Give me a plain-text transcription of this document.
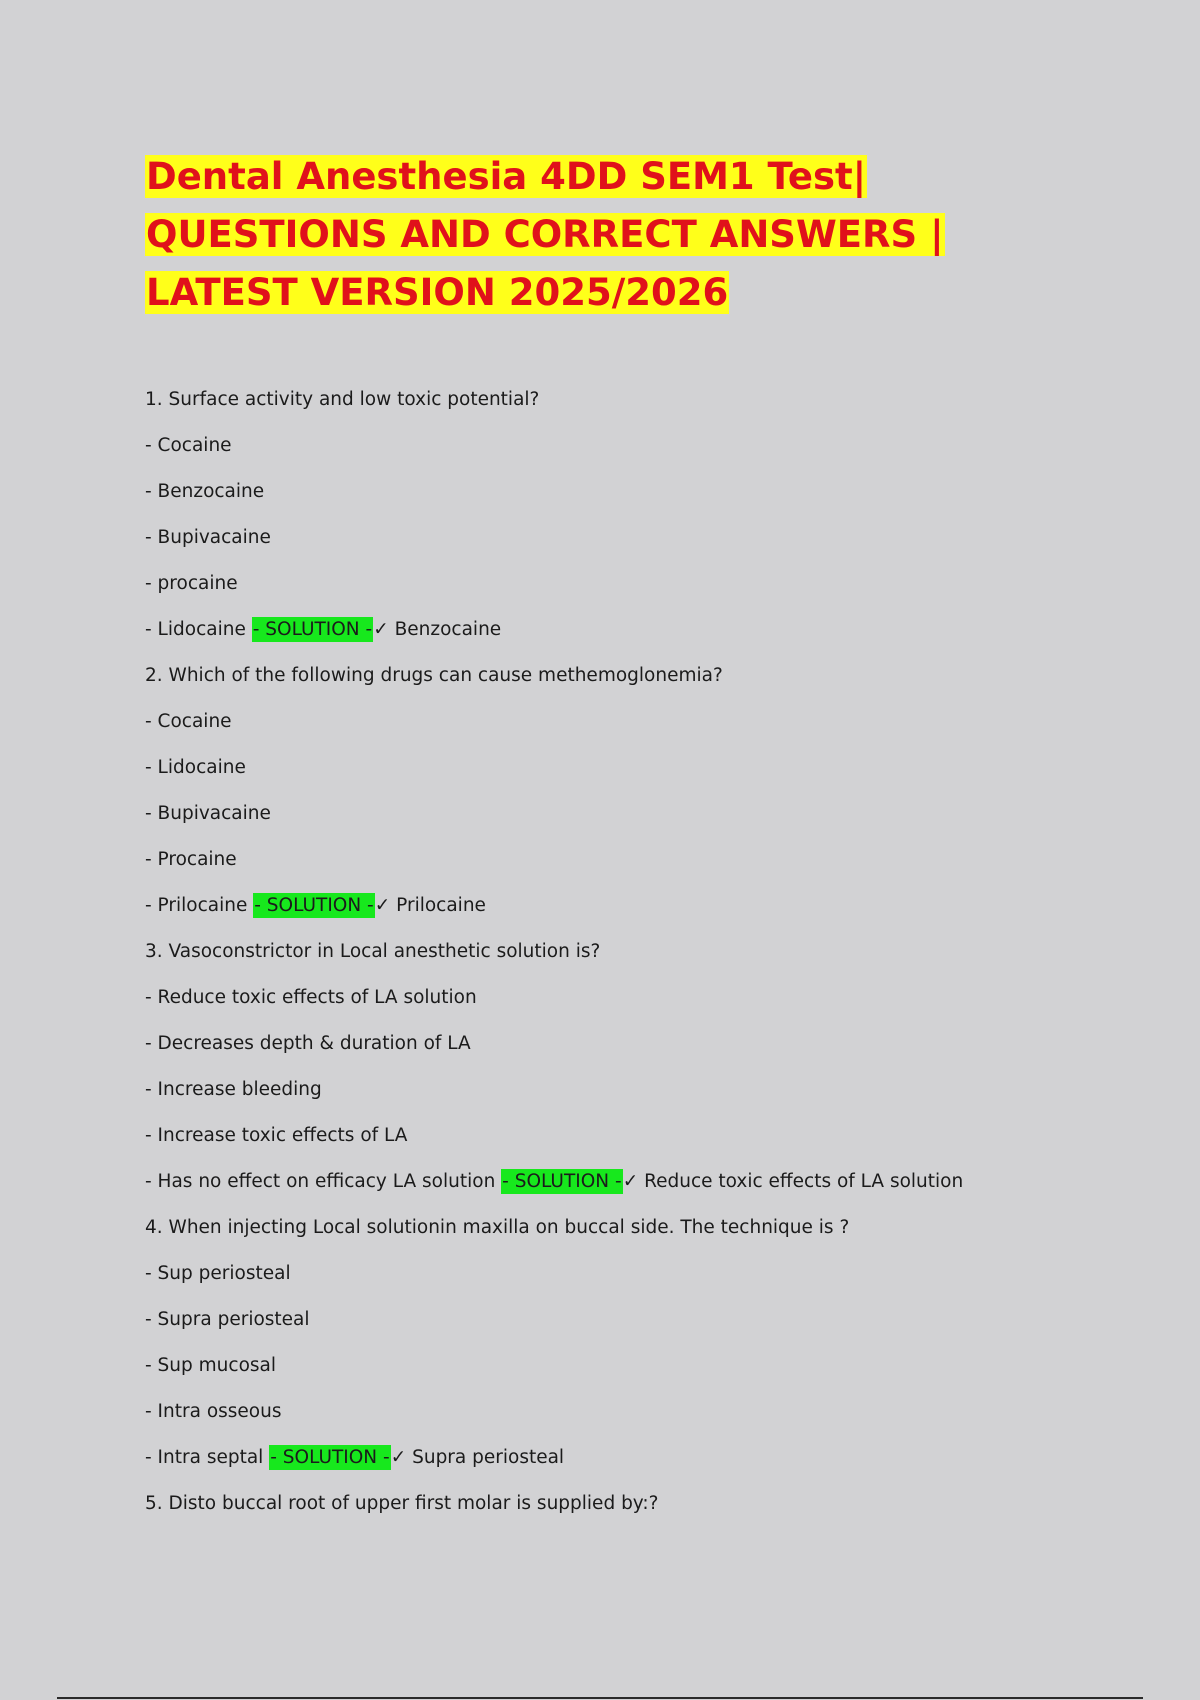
Dental Anesthesia 4DD SEM1 Test| QUESTIONS AND CORRECT ANSWERS | LATEST VERSION 2025/2026
1. Surface activity and low toxic potential?
- Cocaine
- Benzocaine
- Bupivacaine
- procaine
- Lidocaine - SOLUTION -✓ Benzocaine
2. Which of the following drugs can cause methemoglonemia?
- Cocaine
- Lidocaine
- Bupivacaine
- Procaine
- Prilocaine - SOLUTION -✓ Prilocaine
3. Vasoconstrictor in Local anesthetic solution is?
- Reduce toxic effects of LA solution
- Decreases depth & duration of LA
- Increase bleeding
- Increase toxic effects of LA
- Has no effect on efficacy LA solution - SOLUTION -✓ Reduce toxic effects of LA solution
4. When injecting Local solutionin maxilla on buccal side. The technique is ?
- Sup periosteal
- Supra periosteal
- Sup mucosal
- Intra osseous
- Intra septal - SOLUTION -✓ Supra periosteal
5. Disto buccal root of upper first molar is supplied by:?
